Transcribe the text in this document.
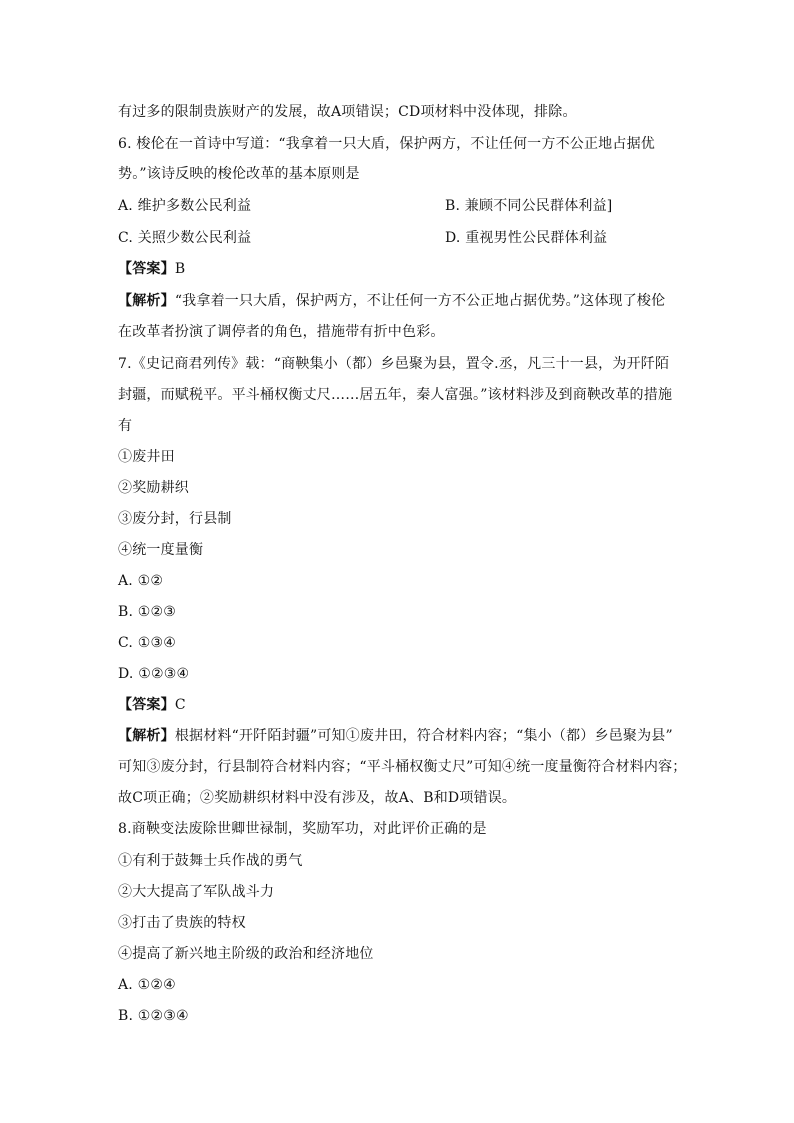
有过多的限制贵族财产的发展，故A项错误；CD项材料中没体现，排除。
6. 梭伦在一首诗中写道：“我拿着一只大盾，保护两方，不让任何一方不公正地占据优
势。”该诗反映的梭伦改革的基本原则是
A. 维护多数公民利益	B. 兼顾不同公民群体利益]
C. 关照少数公民利益	D. 重视男性公民群体利益
【答案】B
【解析】“我拿着一只大盾，保护两方，不让任何一方不公正地占据优势。”这体现了梭伦
在改革者扮演了调停者的角色，措施带有折中色彩。
7.《史记商君列传》载：“商鞅集小（都）乡邑聚为县，置令.丞，凡三十一县，为开阡陌
封疆，而赋税平。平斗桶权衡丈尺……居五年，秦人富强。”该材料涉及到商鞅改革的措施
有
①废井田
②奖励耕织
③废分封，行县制
④统一度量衡
A. ①②
B. ①②③
C. ①③④
D. ①②③④
【答案】C
【解析】根据材料“开阡陌封疆”可知①废井田，符合材料内容；“集小（都）乡邑聚为县”
可知③废分封，行县制符合材料内容；“平斗桶权衡丈尺”可知④统一度量衡符合材料内容；
故C项正确；②奖励耕织材料中没有涉及，故A、B和D项错误。
8.商鞅变法废除世卿世禄制，奖励军功，对此评价正确的是
①有利于鼓舞士兵作战的勇气
②大大提高了军队战斗力
③打击了贵族的特权
④提高了新兴地主阶级的政治和经济地位
A. ①②④
B. ①②③④
